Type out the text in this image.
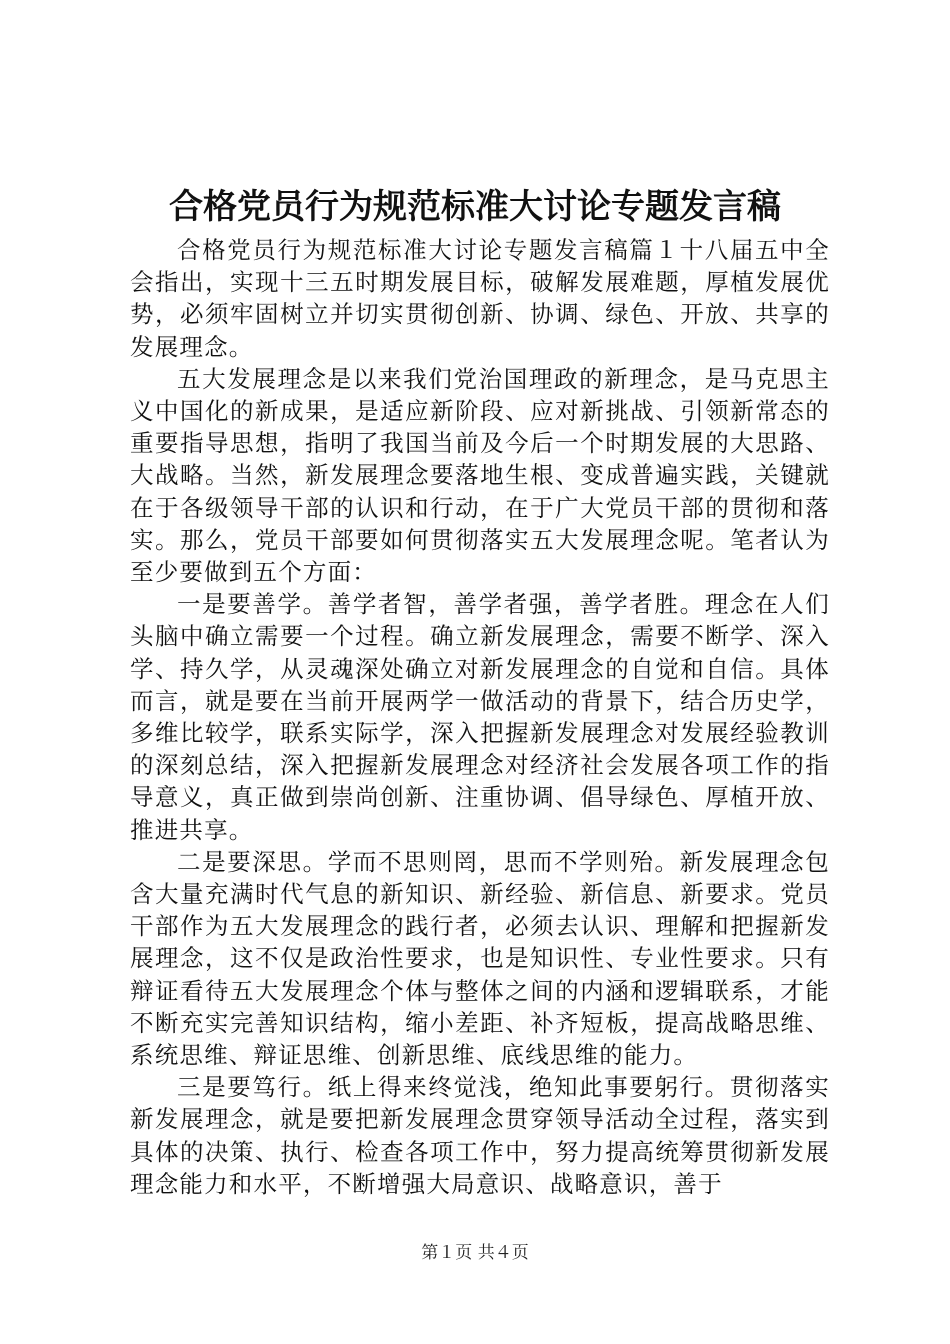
合格党员行为规范标准大讨论专题发言稿

合格党员行为规范标准大讨论专题发言稿篇１十八届五中全会指出，实现十三五时期发展目标，破解发展难题，厚植发展优势，必须牢固树立并切实贯彻创新、协调、绿色、开放、共享的发展理念。

五大发展理念是以来我们党治国理政的新理念，是马克思主义中国化的新成果，是适应新阶段、应对新挑战、引领新常态的重要指导思想，指明了我国当前及今后一个时期发展的大思路、大战略。当然，新发展理念要落地生根、变成普遍实践，关键就在于各级领导干部的认识和行动，在于广大党员干部的贯彻和落实。那么，党员干部要如何贯彻落实五大发展理念呢。笔者认为至少要做到五个方面：

一是要善学。善学者智，善学者强，善学者胜。理念在人们头脑中确立需要一个过程。确立新发展理念，需要不断学、深入学、持久学，从灵魂深处确立对新发展理念的自觉和自信。具体而言，就是要在当前开展两学一做活动的背景下，结合历史学，多维比较学，联系实际学，深入把握新发展理念对发展经验教训的深刻总结，深入把握新发展理念对经济社会发展各项工作的指导意义，真正做到崇尚创新、注重协调、倡导绿色、厚植开放、推进共享。

二是要深思。学而不思则罔，思而不学则殆。新发展理念包含大量充满时代气息的新知识、新经验、新信息、新要求。党员干部作为五大发展理念的践行者，必须去认识、理解和把握新发展理念，这不仅是政治性要求，也是知识性、专业性要求。只有辩证看待五大发展理念个体与整体之间的内涵和逻辑联系，才能不断充实完善知识结构，缩小差距、补齐短板，提高战略思维、系统思维、辩证思维、创新思维、底线思维的能力。

三是要笃行。纸上得来终觉浅，绝知此事要躬行。贯彻落实新发展理念，就是要把新发展理念贯穿领导活动全过程，落实到具体的决策、执行、检查各项工作中，努力提高统筹贯彻新发展理念能力和水平，不断增强大局意识、战略意识，善于

第１页 共４页
